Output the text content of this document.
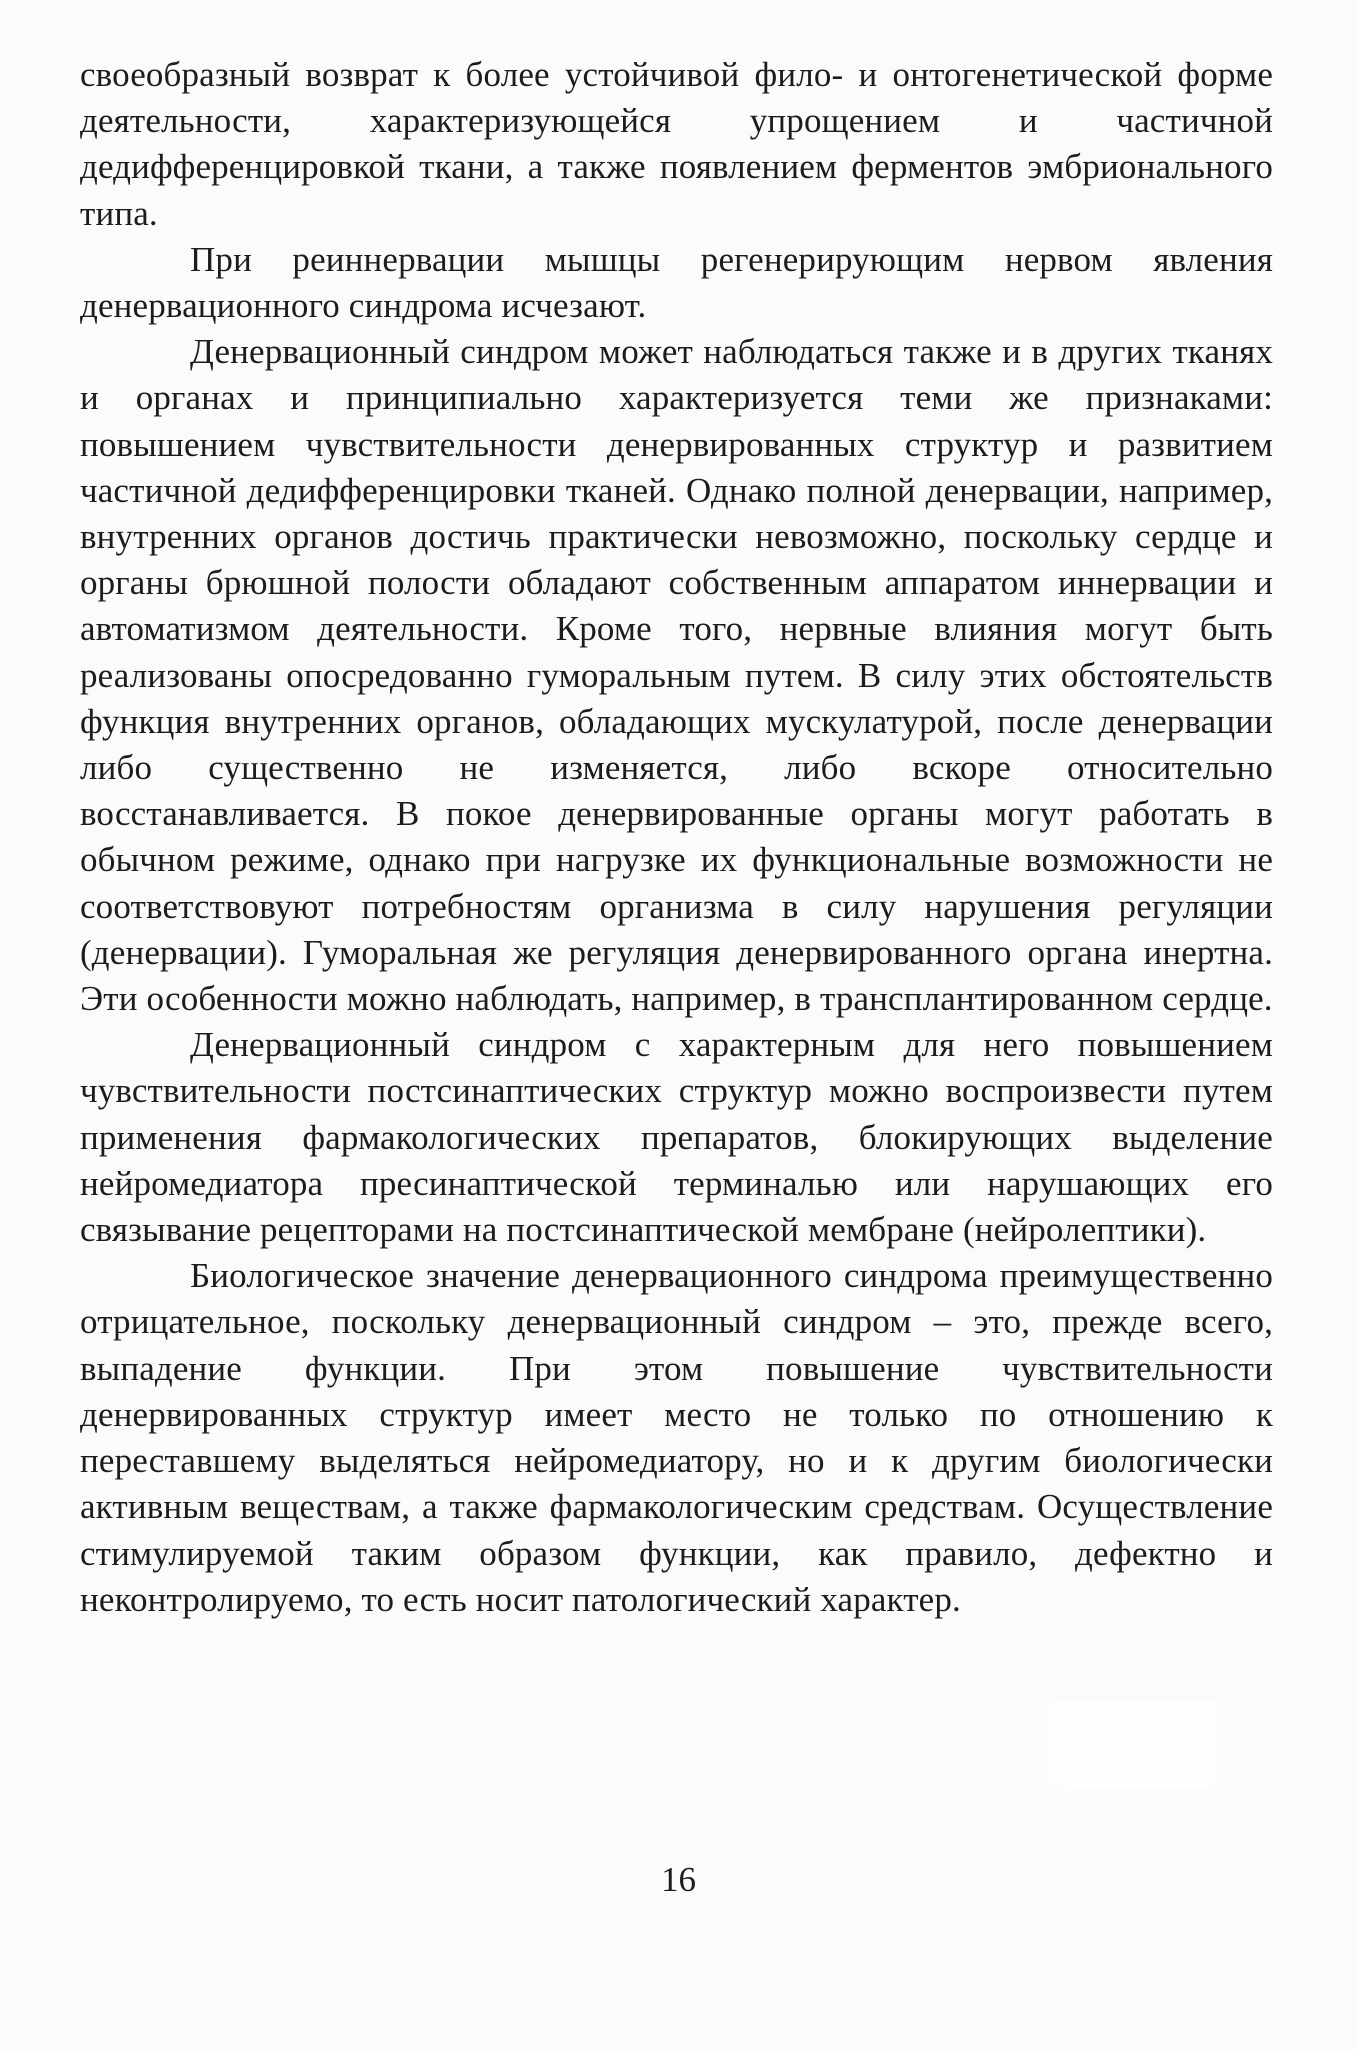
своеобразный возврат к более устойчивой фило- и онтогенетической форме деятельности, характеризующейся упрощением и частичной дедифференцировкой ткани, а также появлением ферментов эмбрионального типа.

При реиннервации мышцы регенерирующим нервом явления денервационного синдрома исчезают.

Денервационный синдром может наблюдаться также и в других тканях и органах и принципиально характеризуется теми же признаками: повышением чувствительности денервированных структур и развитием частичной дедифференцировки тканей. Однако полной денервации, например, внутренних органов достичь практически невозможно, поскольку сердце и органы брюшной полости обладают собственным аппаратом иннервации и автоматизмом деятельности. Кроме того, нервные влияния могут быть реализованы опосредованно гуморальным путем. В силу этих обстоятельств функция внутренних органов, обладающих мускулатурой, после денервации либо существенно не изменяется, либо вскоре относительно восстанавливается. В покое денервированные органы могут работать в обычном режиме, однако при нагрузке их функциональные возможности не соответствовуют потребностям организма в силу нарушения регуляции (денервации). Гуморальная же регуляция денервированного органа инертна. Эти особенности можно наблюдать, например, в трансплантированном сердце.

Денервационный синдром с характерным для него повышением чувствительности постсинаптических структур можно воспроизвести путем применения фармакологических препаратов, блокирующих выделение нейромедиатора пресинаптической терминалью или нарушающих его связывание рецепторами на постсинаптической мембране (нейролептики).

Биологическое значение денервационного синдрома преимущественно отрицательное, поскольку денервационный синдром – это, прежде всего, выпадение функции. При этом повышение чувствительности денервированных структур имеет место не только по отношению к переставшему выделяться нейромедиатору, но и к другим биологически активным веществам, а также фармакологическим средствам. Осуществление стимулируемой таким образом функции, как правило, дефектно и неконтролируемо, то есть носит патологический характер.

16
